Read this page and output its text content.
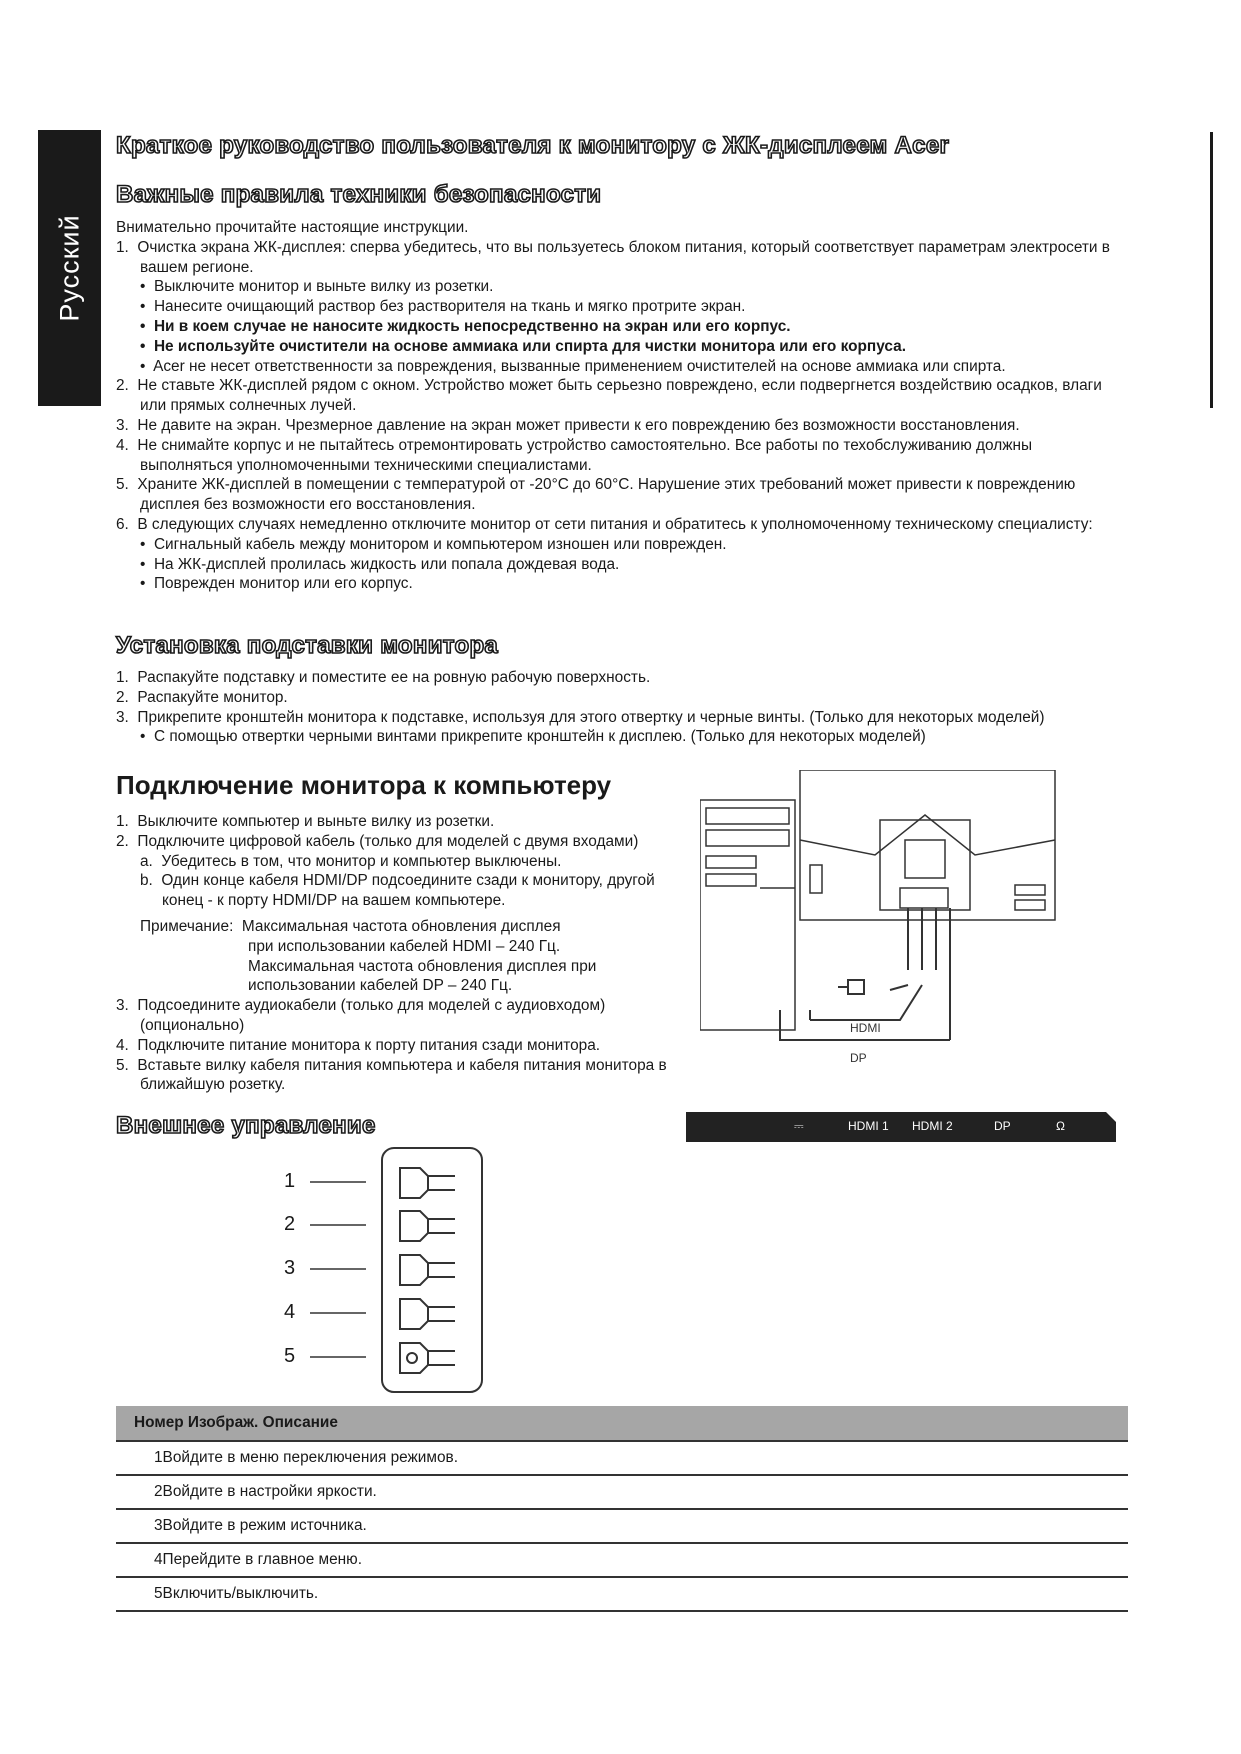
Русский
Краткое руководство пользователя к монитору с ЖК-дисплеем Acer
Важные правила техники безопасности

Внимательно прочитайте настоящие инструкции.

1.  Очистка экрана ЖК-дисплея: сперва убедитесь, что вы пользуетесь блоком питания, который соответствует параметрам электросети в вашем регионе.

•  Выключите монитор и выньте вилку из розетки.

•  Нанесите очищающий раствор без растворителя на ткань и мягко протрите экран.

•  Ни в коем случае не наносите жидкость непосредственно на экран или его корпус.

•  Не используйте очистители на основе аммиака или спирта для чистки монитора или его корпуса.

•  Acer не несет ответственности за повреждения, вызванные применением очистителей на основе аммиака или спирта.

2.  Не ставьте ЖК-дисплей рядом с окном. Устройство может быть серьезно повреждено, если подвергнется воздействию осадков, влаги или прямых солнечных лучей.

3.  Не давите на экран. Чрезмерное давление на экран может привести к его повреждению без возможности восстановления.

4.  Не снимайте корпус и не пытайтесь отремонтировать устройство самостоятельно. Все работы по техобслуживанию должны выполняться уполномоченными техническими специалистами.

5.  Храните ЖК-дисплей в помещении с температурой от -20°C до 60°C. Нарушение этих требований может привести к повреждению дисплея без возможности его восстановления.

6.  В следующих случаях немедленно отключите монитор от сети питания и обратитесь к уполномоченному техническому специалисту:

•  Сигнальный кабель между монитором и компьютером изношен или поврежден.

•  На ЖК-дисплей пролилась жидкость или попала дождевая вода.

•  Поврежден монитор или его корпус.

Установка подставки монитора

1.  Распакуйте подставку и поместите ее на ровную рабочую поверхность.

2.  Распакуйте монитор.

3.  Прикрепите кронштейн монитора к подставке, используя для этого отвертку и черные винты. (Только для некоторых моделей)

•  С помощью отвертки черными винтами прикрепите кронштейн к дисплею. (Только для некоторых моделей)

Подключение монитора к компьютеру

1.  Выключите компьютер и выньте вилку из розетки.

2.  Подключите цифровой кабель (только для моделей с двумя входами)

a.  Убедитесь в том, что монитор и компьютер выключены.

b.  Один конце кабеля HDMI/DP подсоедините сзади к монитору, другой конец - к порту HDMI/DP на вашем компьютере.

Примечание:  Максимальная частота обновления дисплея

при использовании кабелей HDMI – 240 Гц.

Максимальная частота обновления дисплея при

использовании кабелей DP – 240 Гц.

3.  Подсоедините аудиокабели (только для моделей с аудиовходом) (опционально)

4.  Подключите питание монитора к порту питания сзади монитора.

5.  Вставьте вилку кабеля питания компьютера и кабеля питания монитора в ближайшую розетку.

HDMI
DP
⎓	HDMI 1 HDMI 2	DP	Ω
Внешнее управление
1
2
3
4
5
Номер Изображ. Описание
1Войдите в меню переключения режимов.
2Войдите в настройки яркости.
3Войдите в режим источника.
4Перейдите в главное меню.
5Включить/выключить.
